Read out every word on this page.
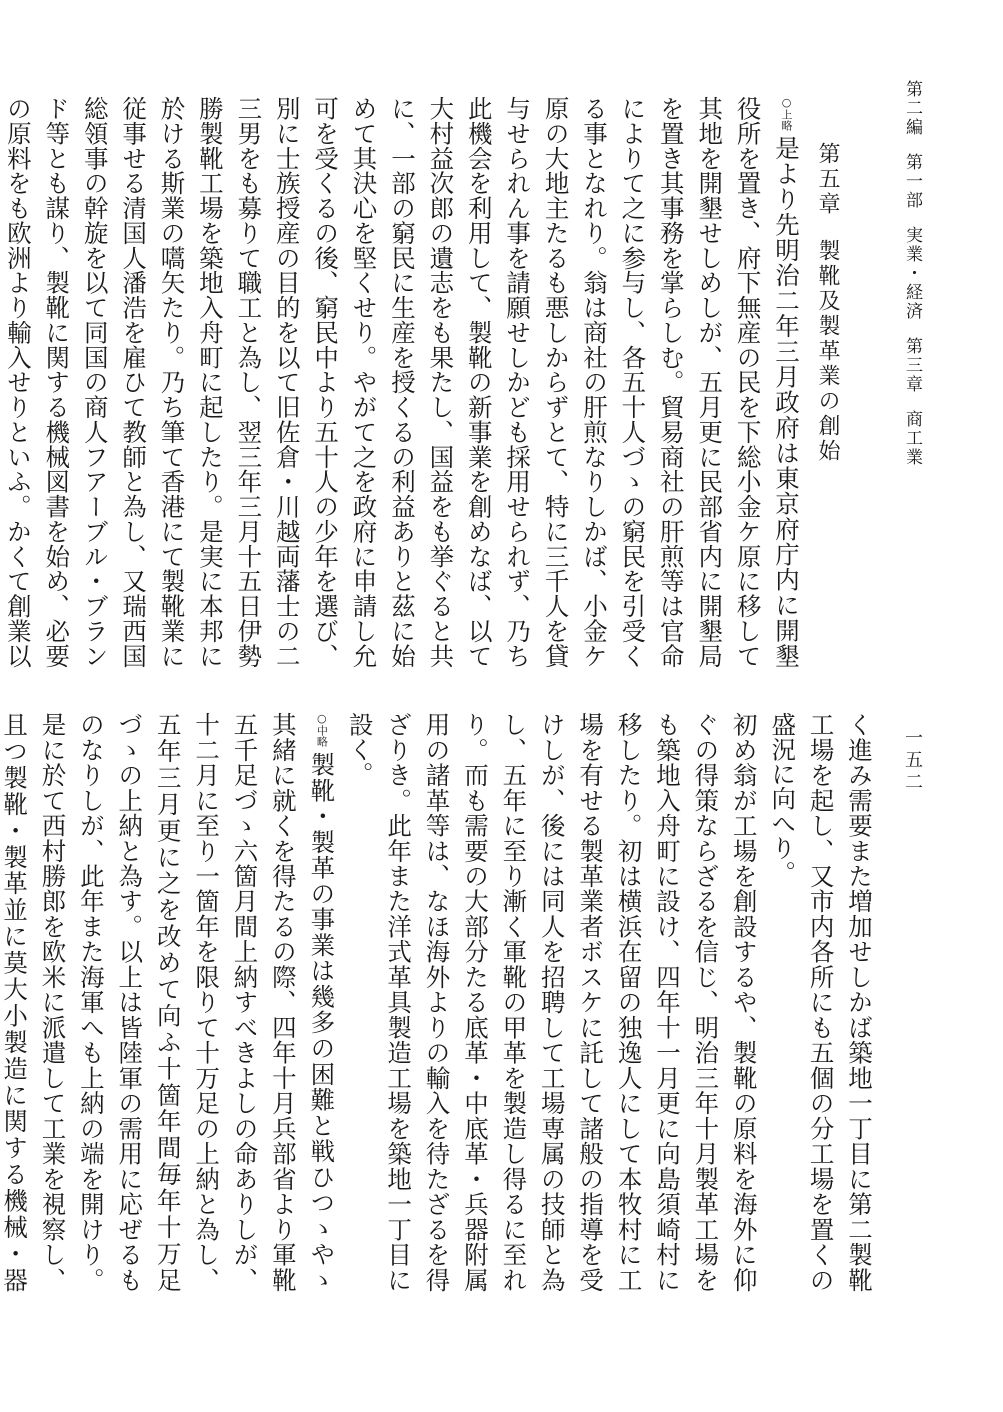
第二編
第一部
実業・経済
第三章
商工業
一五二
第五章
製靴及製革業の創始

○上略是より先明治二年三月政府は東京府庁内に開墾役所を置き、府下無産の民を下総小金ケ原に移して其地を開墾せしめしが、五月更に民部省内に開墾局を置き其事務を掌らしむ。貿易商社の肝煎等は官命によりて之に参与し、各五十人づゝの窮民を引受くる事となれり。翁は商社の肝煎なりしかば、小金ケ原の大地主たるも悪しからずとて、特に三千人を貸与せられん事を請願せしかども採用せられず、乃ち此機会を利用して、製靴の新事業を創めなば、以て大村益次郎の遺志をも果たし、国益をも挙ぐると共に、一部の窮民に生産を授くるの利益ありと茲に始めて其決心を堅くせり。やがて之を政府に申請し允可を受くるの後、窮民中より五十人の少年を選び、別に士族授産の目的を以て旧佐倉・川越両藩士の二三男をも募りて職工と為し、翌三年三月十五日伊勢勝製靴工場を築地入舟町に起したり。是実に本邦に於ける斯業の嚆矢たり。乃ち筆て香港にて製靴業に従事せる清国人潘浩を雇ひて教師と為し、又瑞西国総領事の幹旋を以て同国の商人フアーブル・ブランド等とも謀り、製靴に関する機械図書を始め、必要の原料をも欧洲より輸入せりといふ。かくて創業以

く進み需要また増加せしかば築地一丁目に第二製靴工場を起し、又市内各所にも五個の分工場を置くの盛況に向へり。

初め翁が工場を創設するや、製靴の原料を海外に仰ぐの得策ならざるを信じ、明治三年十月製革工場をも築地入舟町に設け、四年十一月更に向島須崎村に移したり。初は横浜在留の独逸人にして本牧村に工場を有せる製革業者ボスケに託して諸般の指導を受けしが、後には同人を招聘して工場専属の技師と為し、五年に至り漸く軍靴の甲革を製造し得るに至れり。而も需要の大部分たる底革・中底革・兵器附属用の諸革等は、なほ海外よりの輸入を待たざるを得ざりき。此年また洋式革具製造工場を築地一丁目に設く。

○中略製靴・製革の事業は幾多の困難と戦ひつゝやゝ其緒に就くを得たるの際、四年十月兵部省より軍靴五千足づゝ六箇月間上納すべきよしの命ありしが、十二月に至り一箇年を限りて十万足の上納と為し、五年三月更に之を改めて向ふ十箇年間毎年十万足づゝの上納と為す。以上は皆陸軍の需用に応ぜるものなりしが、此年また海軍へも上納の端を開けり。是に於て西村勝郎を欧米に派遣して工業を視察し、且つ製靴・製革並に莫大小製造に関する機械・器
